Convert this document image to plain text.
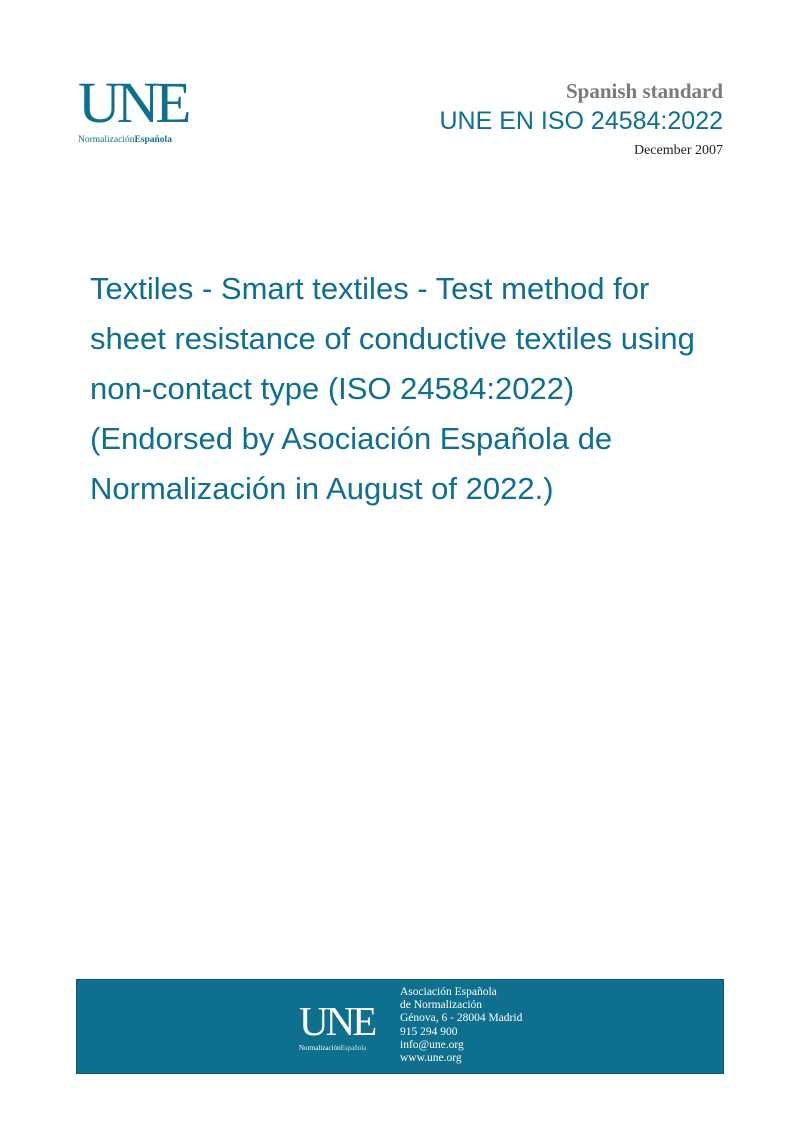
UNE
NormalizaciónEspañola
Spanish standard
UNE EN ISO 24584:2022
December 2007
Textiles - Smart textiles - Test method for sheet resistance of conductive textiles using non-contact type (ISO 24584:2022) (Endorsed by Asociación Española de Normalización in August of 2022.)
UNE
NormalizaciónEspañola
Asociación Española
de Normalización
Génova, 6 - 28004 Madrid
915 294 900
info@une.org
www.une.org
